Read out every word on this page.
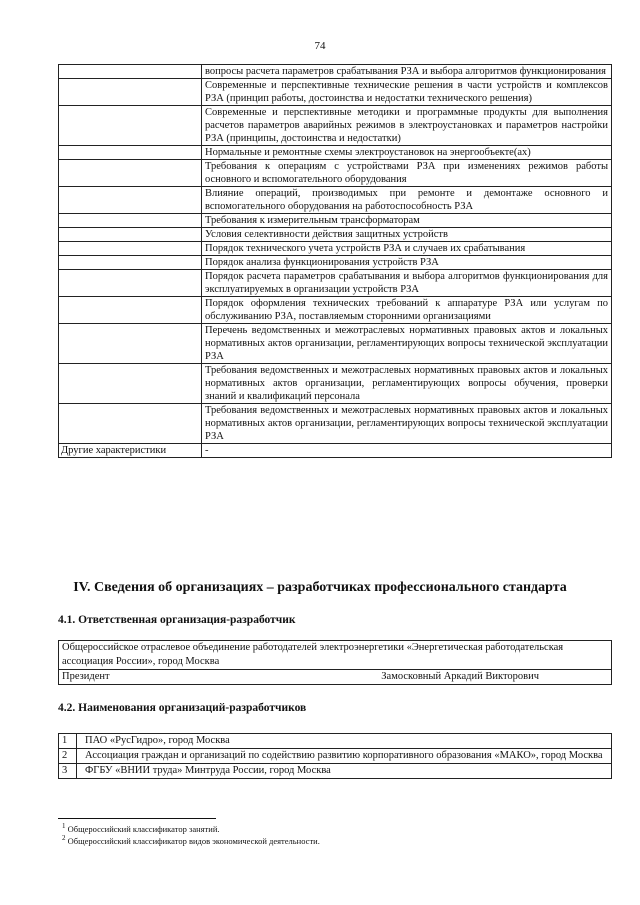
74
	вопросы расчета параметров срабатывания РЗА и выбора алгоритмов функционирования
	Современные и перспективные технические решения в части устройств и комплексов РЗА (принцип работы, достоинства и недостатки технического решения)
	Современные и перспективные методики и программные продукты для выполнения расчетов параметров аварийных режимов в электроустановках и параметров настройки РЗА (принципы, достоинства и недостатки)
	Нормальные и ремонтные схемы электроустановок на энергообъекте(ах)
	Требования к операциям с устройствами РЗА при изменениях режимов работы основного и вспомогательного оборудования
	Влияние операций, производимых при ремонте и демонтаже основного и вспомогательного оборудования на работоспособность РЗА
	Требования к измерительным трансформаторам
	Условия селективности действия защитных устройств
	Порядок технического учета устройств РЗА и случаев их срабатывания
	Порядок анализа функционирования устройств РЗА
	Порядок расчета параметров срабатывания и выбора алгоритмов функционирования для эксплуатируемых в организации устройств РЗА
	Порядок оформления технических требований к аппаратуре РЗА или услугам по обслуживанию РЗА, поставляемым сторонними организациями
	Перечень ведомственных и межотраслевых нормативных правовых актов и локальных нормативных актов организации, регламентирующих вопросы технической эксплуатации РЗА
	Требования ведомственных и межотраслевых нормативных правовых актов и локальных нормативных актов организации, регламентирующих вопросы обучения, проверки знаний и квалификаций персонала
	Требования ведомственных и межотраслевых нормативных правовых актов и локальных нормативных актов организации, регламентирующих вопросы технической эксплуатации РЗА
Другие характеристики	-
IV. Сведения об организациях – разработчиках профессионального стандарта
4.1. Ответственная организация-разработчик
Общероссийское отраслевое объединение работодателей электроэнергетики «Энергетическая работодательская ассоциация России», город Москва

Президент	Замосковный Аркадий Викторович
4.2. Наименования организаций-разработчиков
1	ПАО «РусГидро», город Москва
2	Ассоциация граждан и организаций по содействию развитию корпоративного образования «МАКО», город Москва
3	ФГБУ «ВНИИ труда» Минтруда России, город Москва
$^1$ Общероссийский классификатор занятий.
$^2$ Общероссийский классификатор видов экономической деятельности.
